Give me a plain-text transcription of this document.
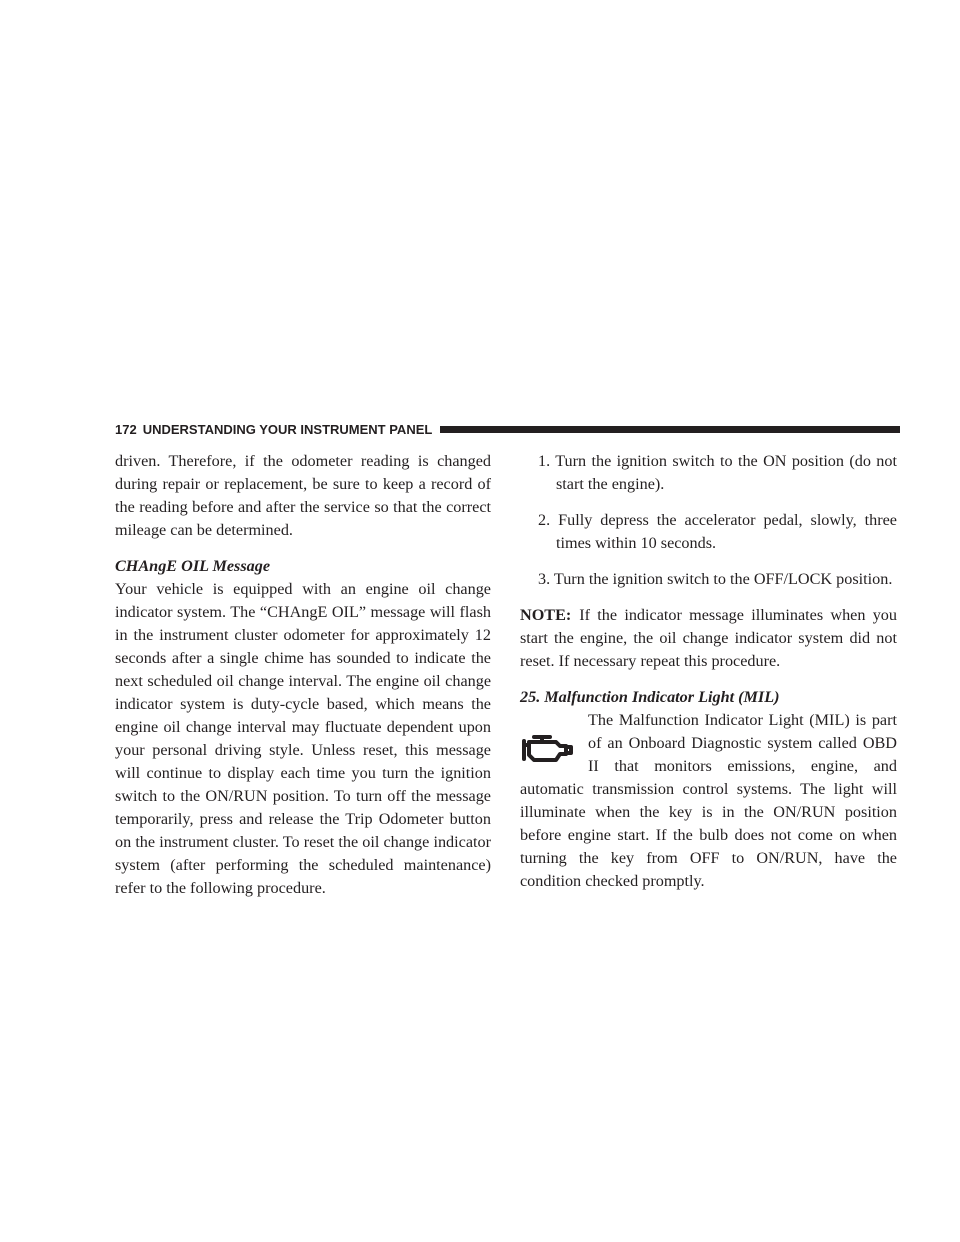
172 UNDERSTANDING YOUR INSTRUMENT PANEL

driven. Therefore, if the odometer reading is changed during repair or replacement, be sure to keep a record of the reading before and after the service so that the correct mileage can be determined.

CHAngE OIL Message

Your vehicle is equipped with an engine oil change indicator system. The “CHAngE OIL” message will flash in the instrument cluster odometer for approximately 12 seconds after a single chime has sounded to indicate the next scheduled oil change interval. The engine oil change indicator system is duty-cycle based, which means the engine oil change interval may fluctuate dependent upon your personal driving style. Unless reset, this message will continue to display each time you turn the ignition switch to the ON/RUN position. To turn off the message temporarily, press and release the Trip Odometer button on the instrument cluster. To reset the oil change indicator system (after performing the scheduled maintenance) refer to the following procedure.

1. Turn the ignition switch to the ON position (do not start the engine).

2. Fully depress the accelerator pedal, slowly, three times within 10 seconds.

3. Turn the ignition switch to the OFF/LOCK position.

NOTE: If the indicator message illuminates when you start the engine, the oil change indicator system did not reset. If necessary repeat this procedure.

25. Malfunction Indicator Light (MIL)

The Malfunction Indicator Light (MIL) is part of an Onboard Diagnostic system called OBD II that monitors emissions, engine, and automatic transmission control systems. The light will illuminate when the key is in the ON/RUN position before engine start. If the bulb does not come on when turning the key from OFF to ON/RUN, have the condition checked promptly.
